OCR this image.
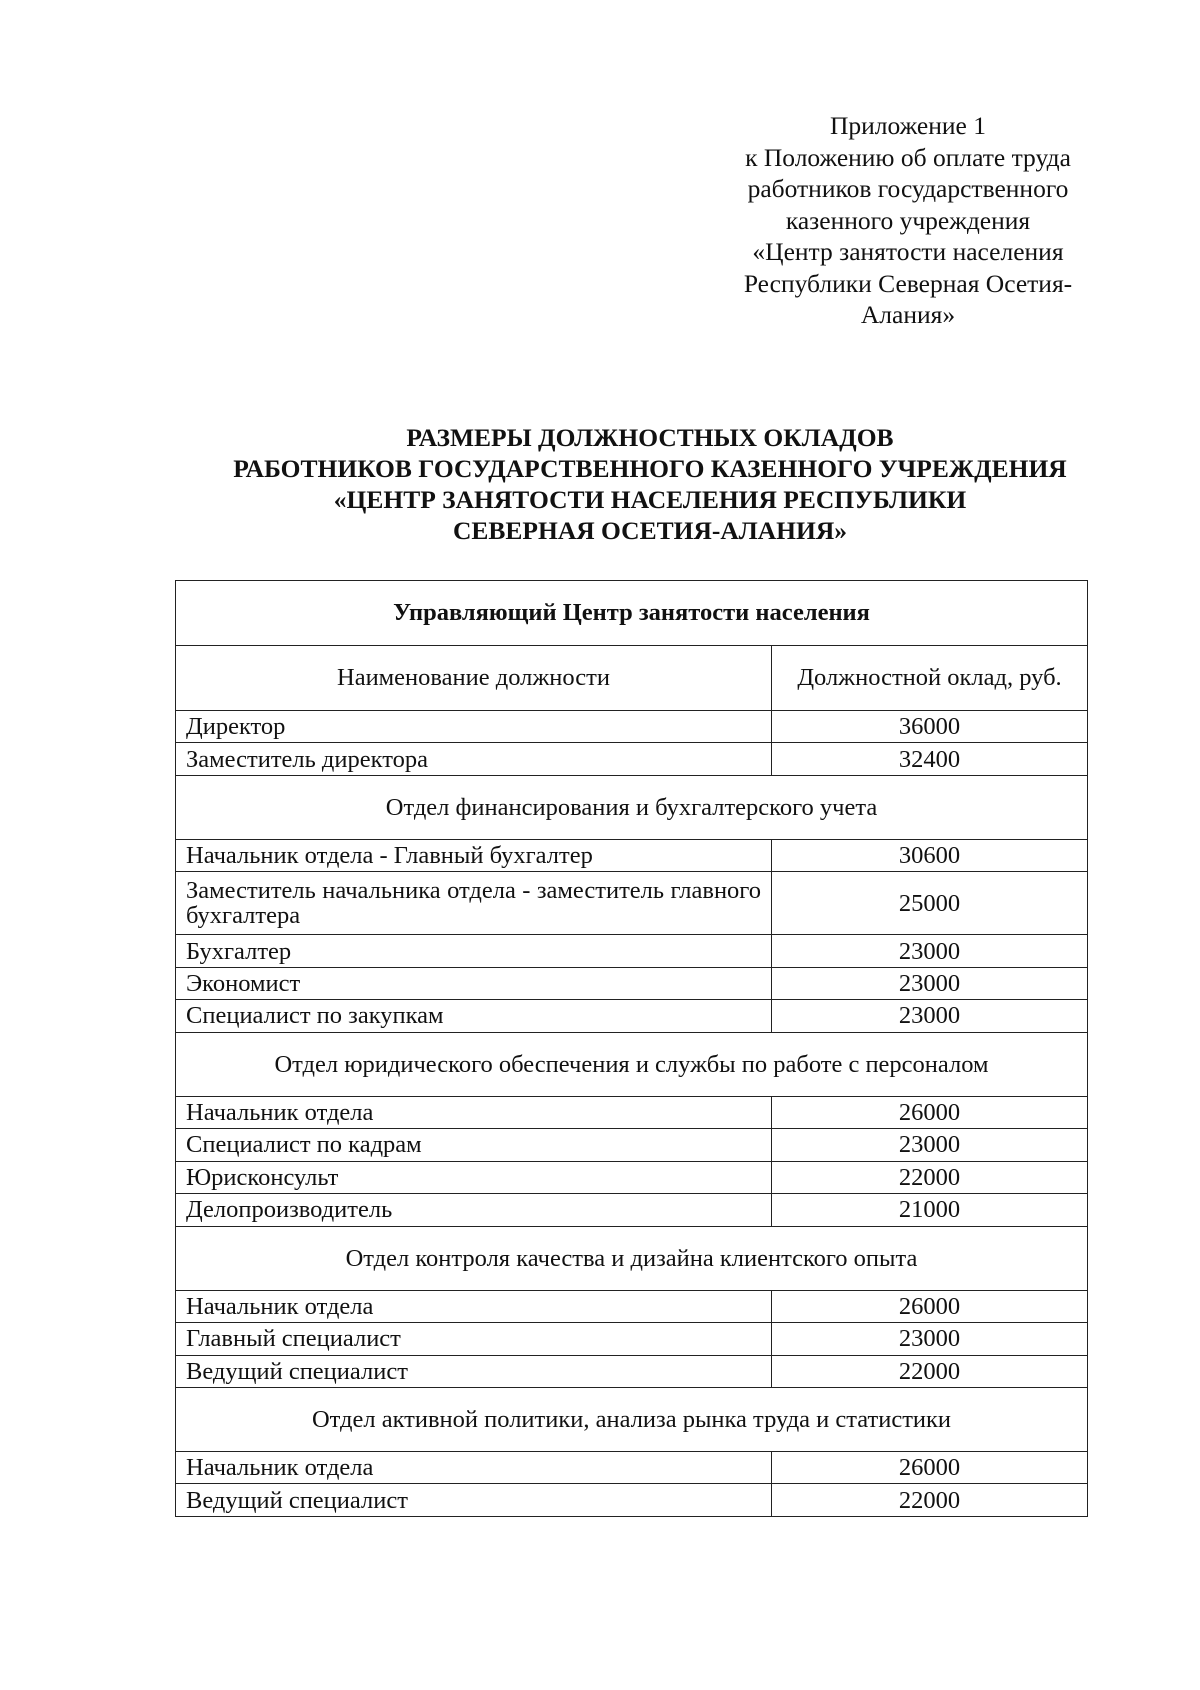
Приложение 1
к Положению об оплате труда
работников государственного
казенного учреждения
«Центр занятости населения
Республики Северная Осетия-
Алания»
РАЗМЕРЫ ДОЛЖНОСТНЫХ ОКЛАДОВ
РАБОТНИКОВ ГОСУДАРСТВЕННОГО КАЗЕННОГО УЧРЕЖДЕНИЯ
«ЦЕНТР ЗАНЯТОСТИ НАСЕЛЕНИЯ РЕСПУБЛИКИ
СЕВЕРНАЯ ОСЕТИЯ-АЛАНИЯ»
Управляющий Центр занятости населения	
Наименование должности	Должностной оклад, руб.
Директор	36000
Заместитель директора	32400
Отдел финансирования и бухгалтерского учета	
Начальник отдела - Главный бухгалтер	30600
Заместитель начальника отдела - заместитель главного бухгалтера	25000
Бухгалтер	23000
Экономист	23000
Специалист по закупкам	23000
Отдел юридического обеспечения и службы по работе с персоналом	
Начальник отдела	26000
Специалист по кадрам	23000
Юрисконсульт	22000
Делопроизводитель	21000
Отдел контроля качества и дизайна клиентского опыта	
Начальник отдела	26000
Главный специалист	23000
Ведущий специалист	22000
Отдел активной политики, анализа рынка труда и статистики	
Начальник отдела	26000
Ведущий специалист	22000
